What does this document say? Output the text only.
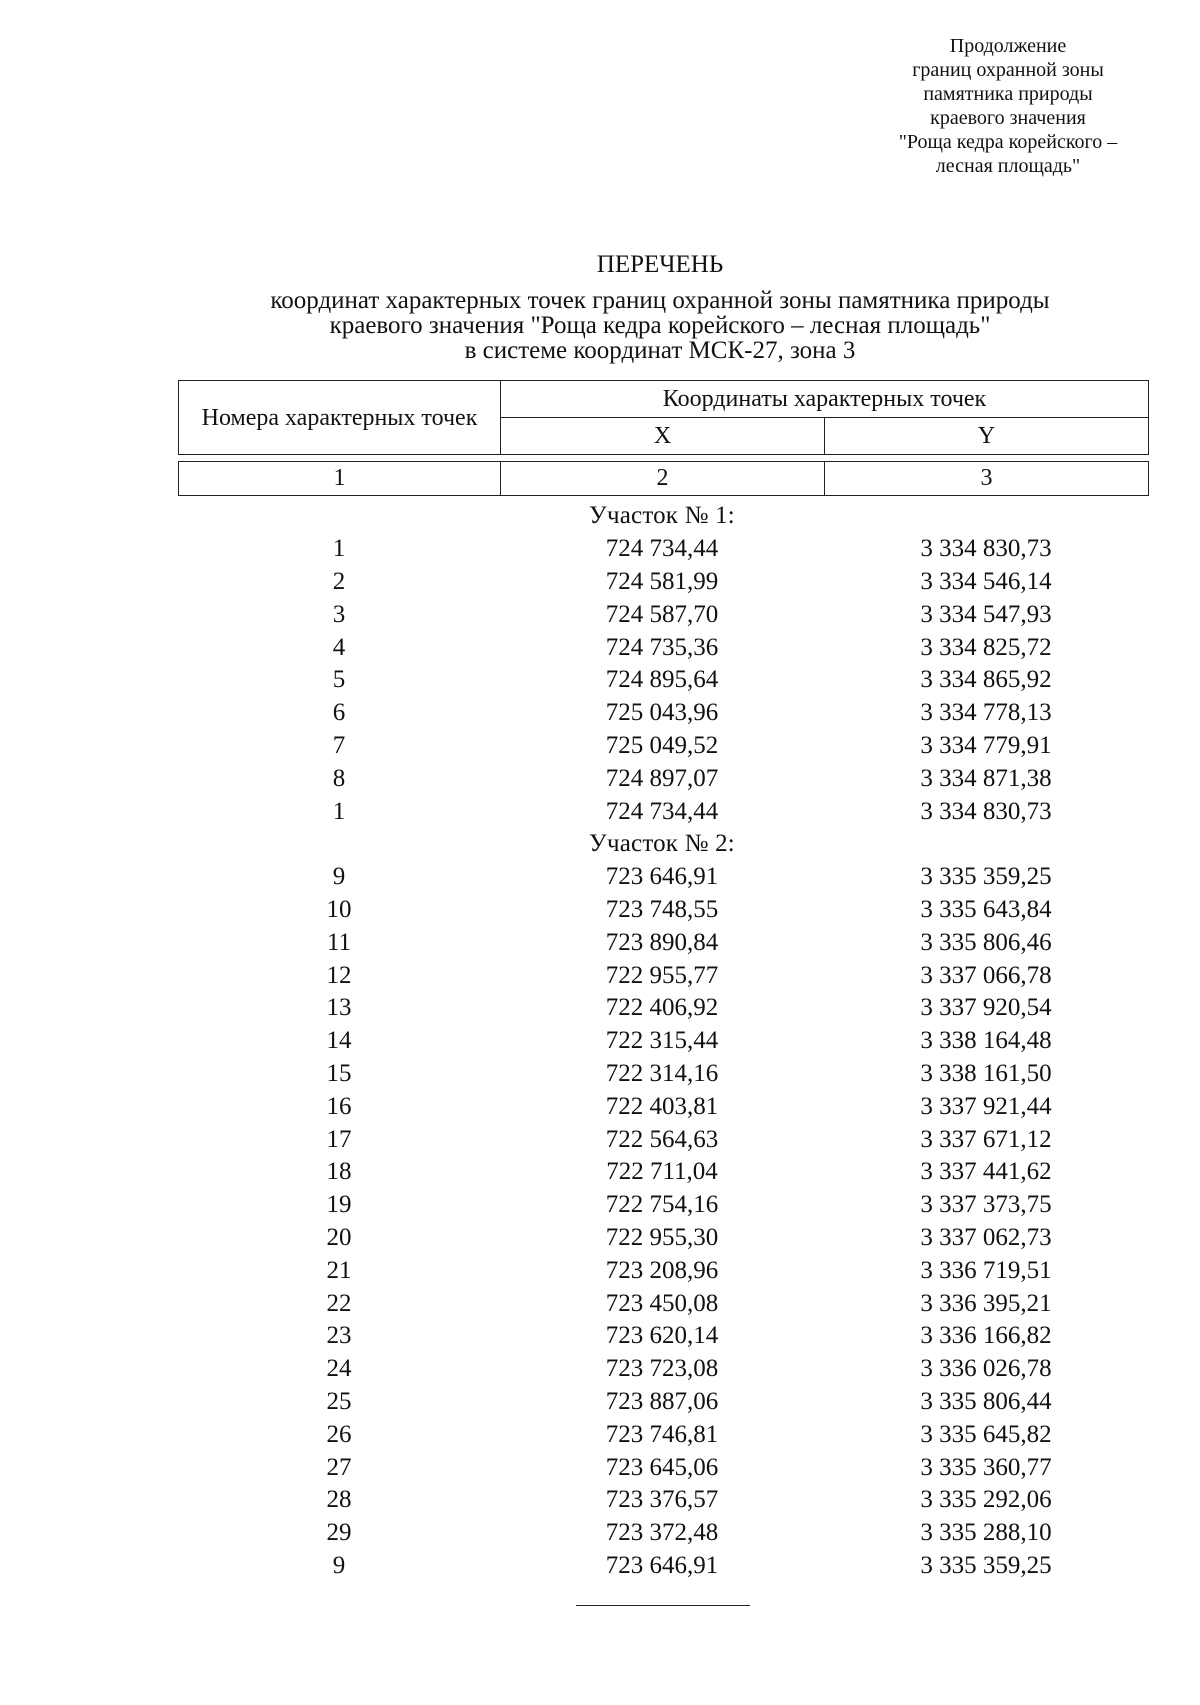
Продолжение
границ охранной зоны
памятника природы
краевого значения
"Роща кедра корейского –
лесная площадь"
ПЕРЕЧЕНЬ
координат характерных точек границ охранной зоны памятника природы
краевого значения "Роща кедра корейского – лесная площадь"
в системе координат МСК-27, зона 3
Номера характерных точек	Координаты характерных точек	
	X	Y

1	2	3
	Участок № 1:	
1	724 734,44	3 334 830,73
2	724 581,99	3 334 546,14
3	724 587,70	3 334 547,93
4	724 735,36	3 334 825,72
5	724 895,64	3 334 865,92
6	725 043,96	3 334 778,13
7	725 049,52	3 334 779,91
8	724 897,07	3 334 871,38
1	724 734,44	3 334 830,73
	Участок № 2:	
9	723 646,91	3 335 359,25
10	723 748,55	3 335 643,84
11	723 890,84	3 335 806,46
12	722 955,77	3 337 066,78
13	722 406,92	3 337 920,54
14	722 315,44	3 338 164,48
15	722 314,16	3 338 161,50
16	722 403,81	3 337 921,44
17	722 564,63	3 337 671,12
18	722 711,04	3 337 441,62
19	722 754,16	3 337 373,75
20	722 955,30	3 337 062,73
21	723 208,96	3 336 719,51
22	723 450,08	3 336 395,21
23	723 620,14	3 336 166,82
24	723 723,08	3 336 026,78
25	723 887,06	3 335 806,44
26	723 746,81	3 335 645,82
27	723 645,06	3 335 360,77
28	723 376,57	3 335 292,06
29	723 372,48	3 335 288,10
9	723 646,91	3 335 359,25
